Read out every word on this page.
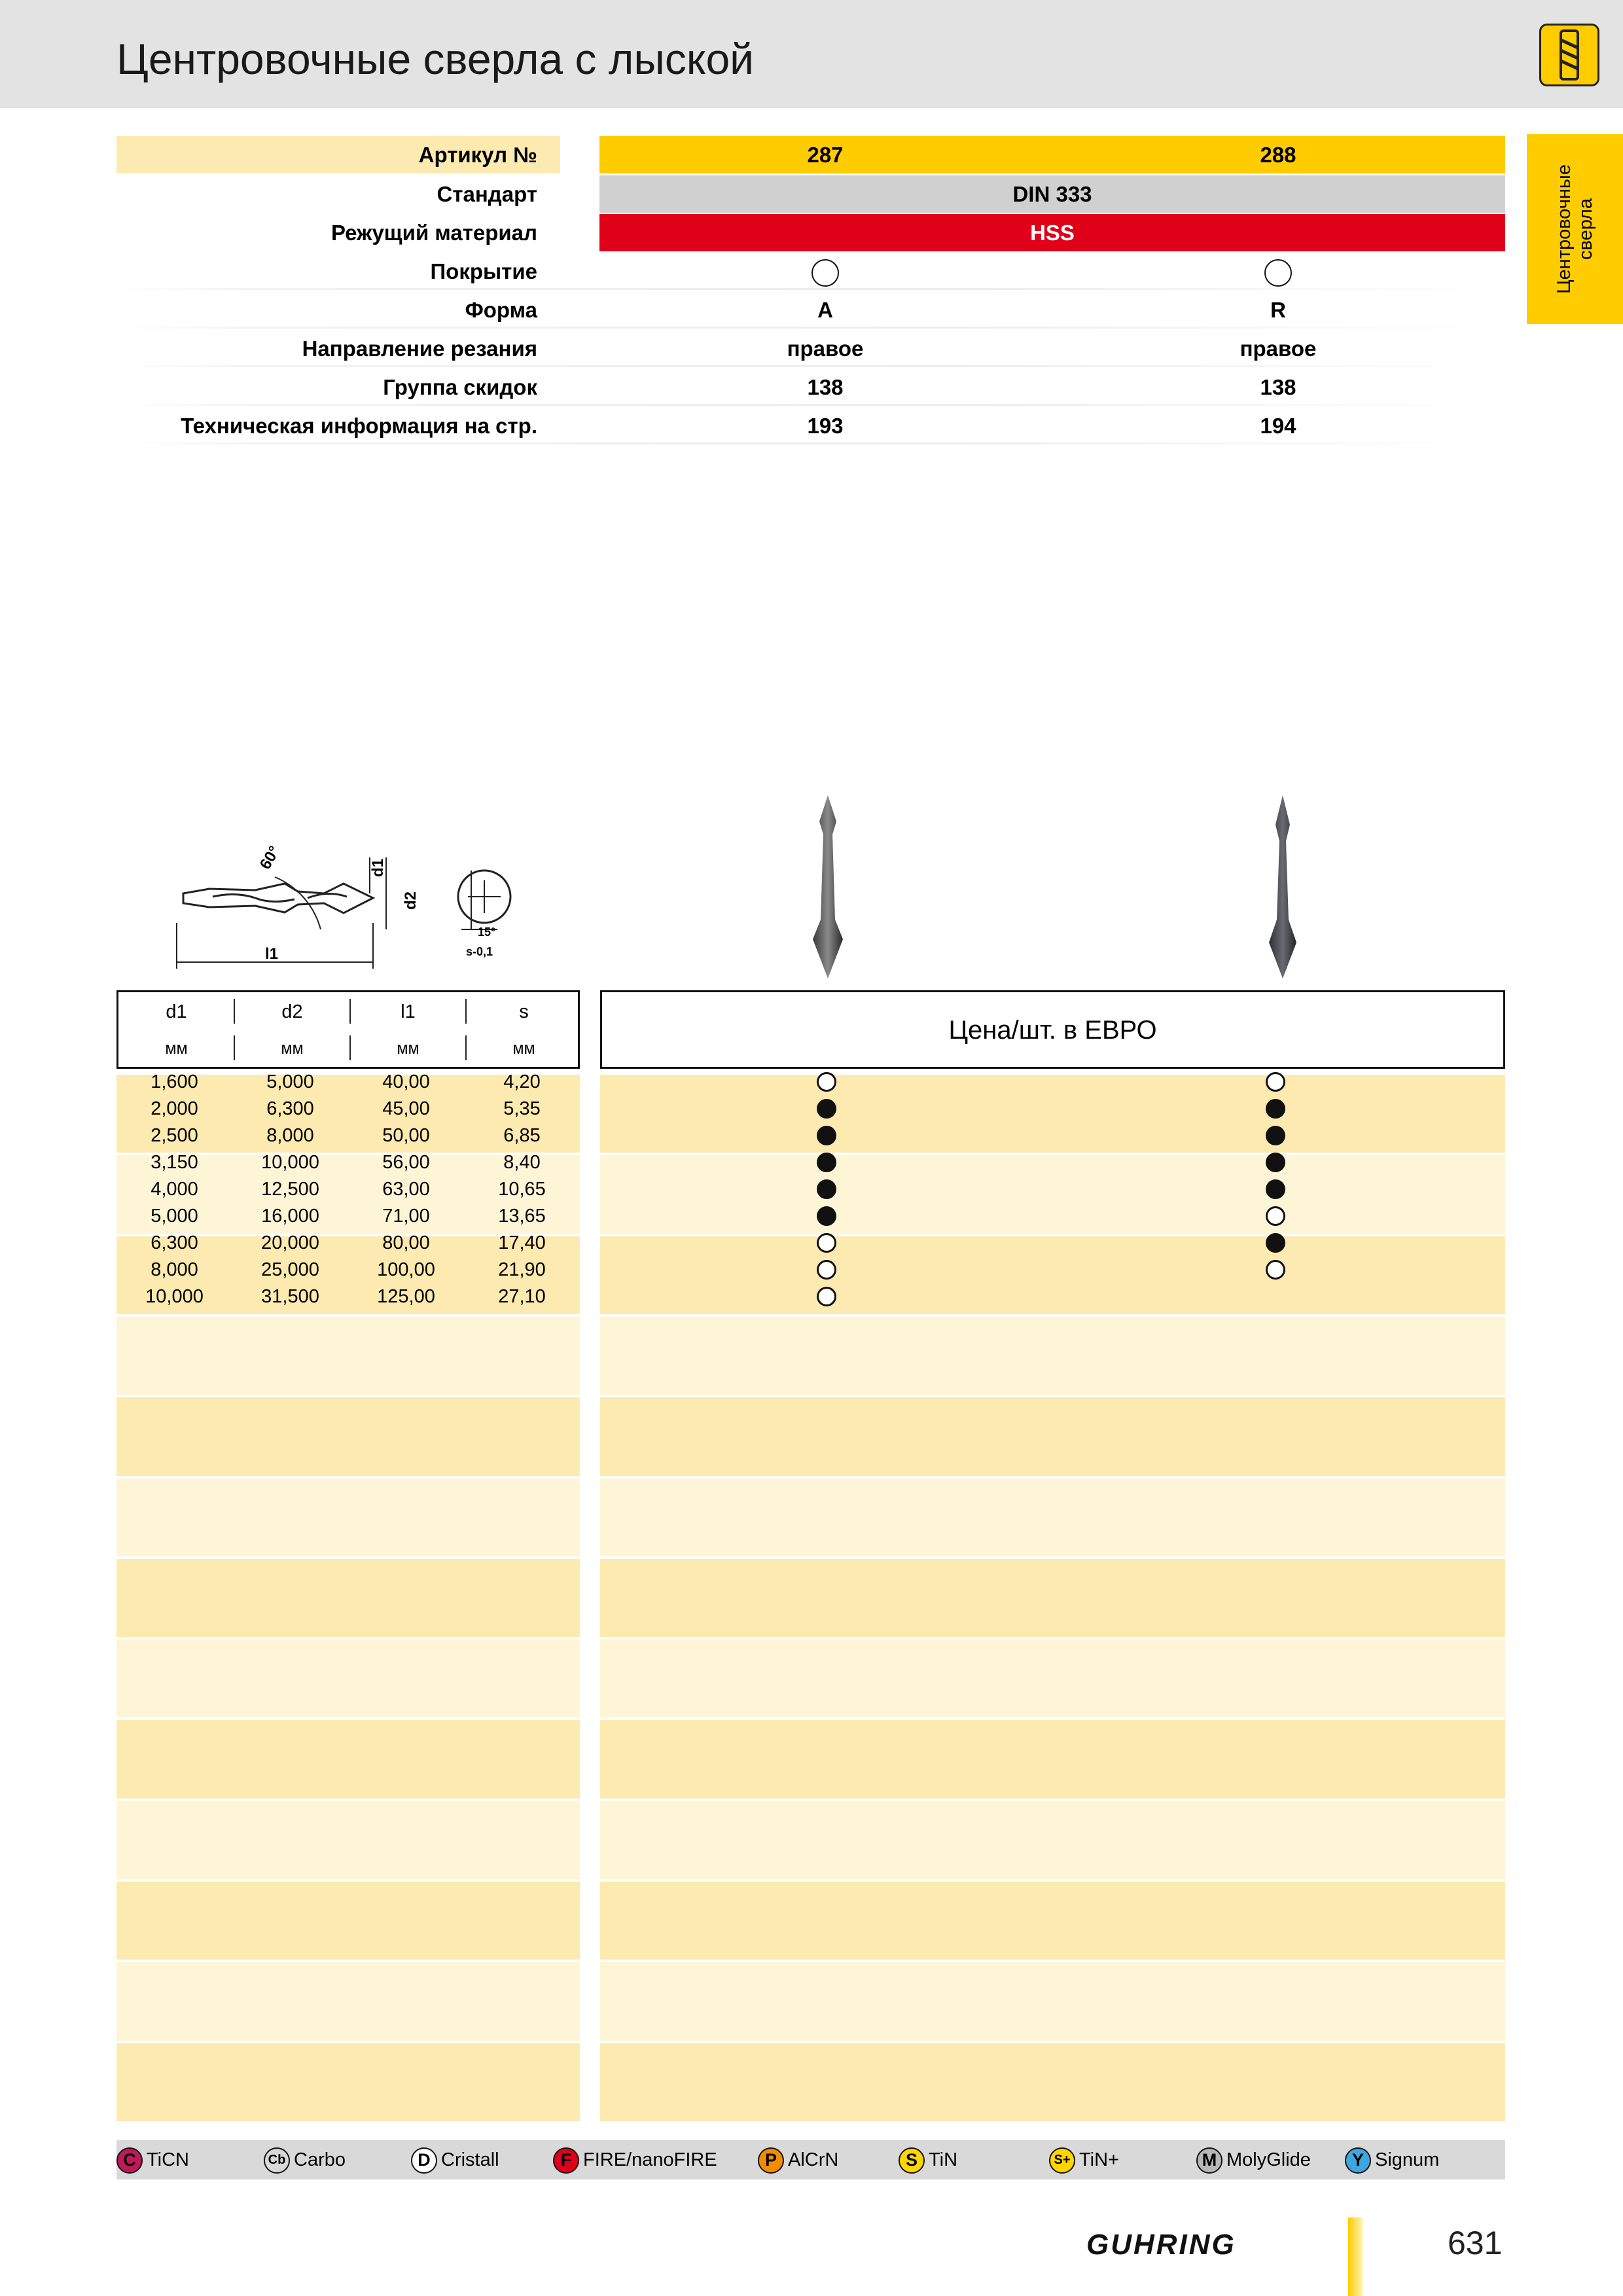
Центровочные сверла с лыской
Центровочные сверла
Артикул №	287	288
Стандарт	DIN 333
Режущий материал	HSS
Покрытие
Форма	A	R
Направление резания	правое	правое
Группа скидок	138	138
Техническая информация на стр.	193	194
60°	d1
d2
l1
15°
s-0,1
d1	d2	l1	s
мм	мм	мм	мм
Цена/шт. в ЕВРО
1,600	5,000	40,00	4,20
2,000	6,300	45,00	5,35
2,500	8,000	50,00	6,85
3,150	10,000	56,00	8,40
4,000	12,500	63,00	10,65
5,000	16,000	71,00	13,65
6,300	20,000	80,00	17,40
8,000	25,000	100,00	21,90
10,000	31,500	125,00	27,10
C TiCN	Cb Carbo	D Cristall	F FIRE/nanoFIRE	P AlCrN	S TiN	S+ TiN+	M MolyGlide	Y Signum
GUHRING	631
